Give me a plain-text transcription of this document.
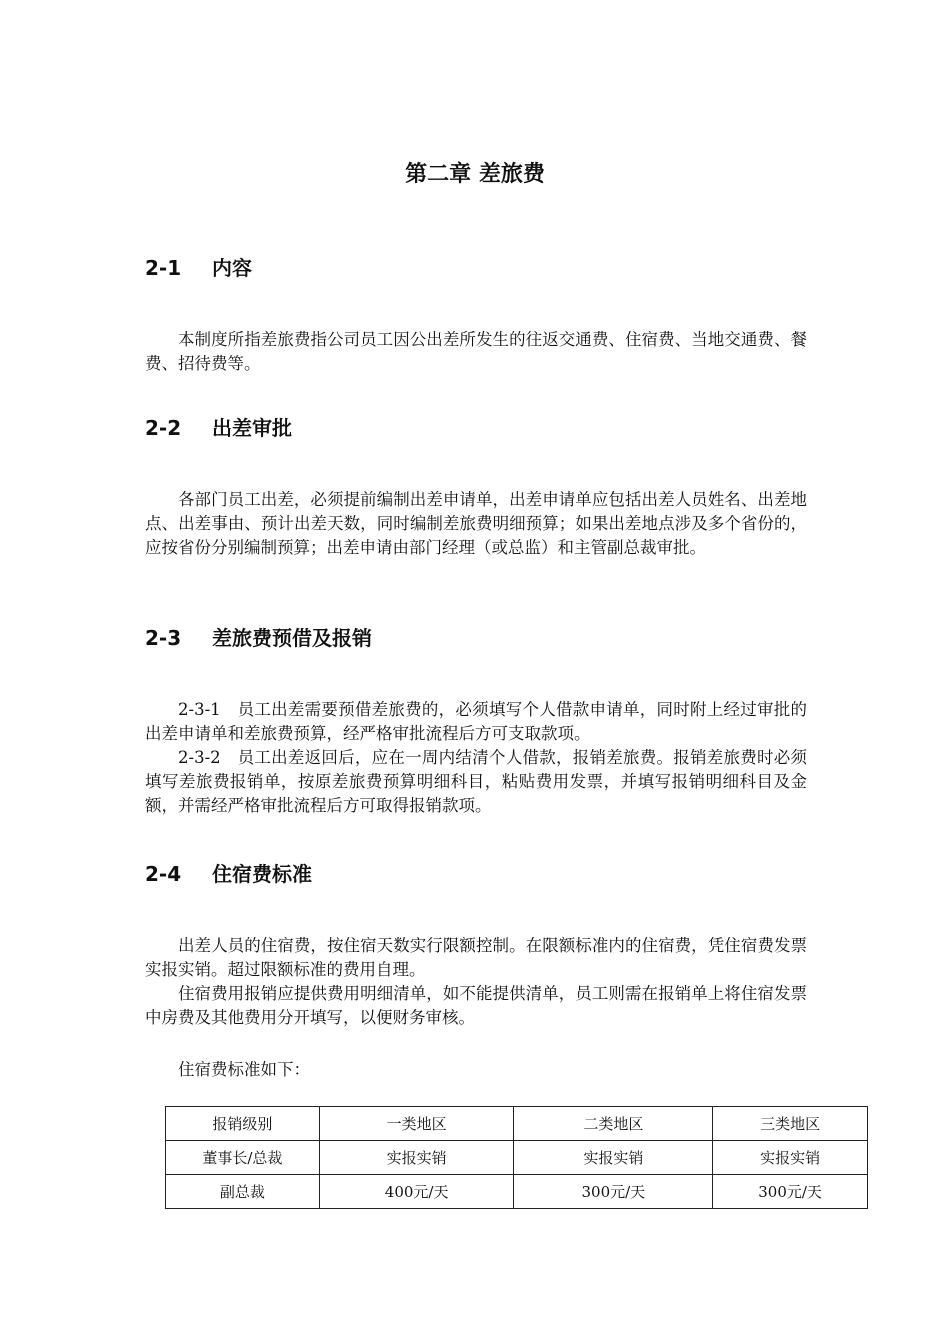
第二章 差旅费
2-1 内容
本制度所指差旅费指公司员工因公出差所发生的往返交通费、住宿费、当地交通费、餐费、招待费等。
2-2 出差审批
各部门员工出差，必须提前编制出差申请单，出差申请单应包括出差人员姓名、出差地点、出差事由、预计出差天数，同时编制差旅费明细预算；如果出差地点涉及多个省份的，应按省份分别编制预算；出差申请由部门经理（或总监）和主管副总裁审批。
2-3 差旅费预借及报销
2-3-1　员工出差需要预借差旅费的，必须填写个人借款申请单，同时附上经过审批的出差申请单和差旅费预算，经严格审批流程后方可支取款项。
2-3-2　员工出差返回后，应在一周内结清个人借款，报销差旅费。报销差旅费时必须填写差旅费报销单，按原差旅费预算明细科目，粘贴费用发票，并填写报销明细科目及金额，并需经严格审批流程后方可取得报销款项。
2-4 住宿费标准
出差人员的住宿费，按住宿天数实行限额控制。在限额标准内的住宿费，凭住宿费发票实报实销。超过限额标准的费用自理。
住宿费用报销应提供费用明细清单，如不能提供清单，员工则需在报销单上将住宿发票中房费及其他费用分开填写，以便财务审核。
住宿费标准如下：
报销级别	一类地区	二类地区	三类地区
董事长/总裁	实报实销	实报实销	实报实销
副总裁	400元/天	300元/天	300元/天
